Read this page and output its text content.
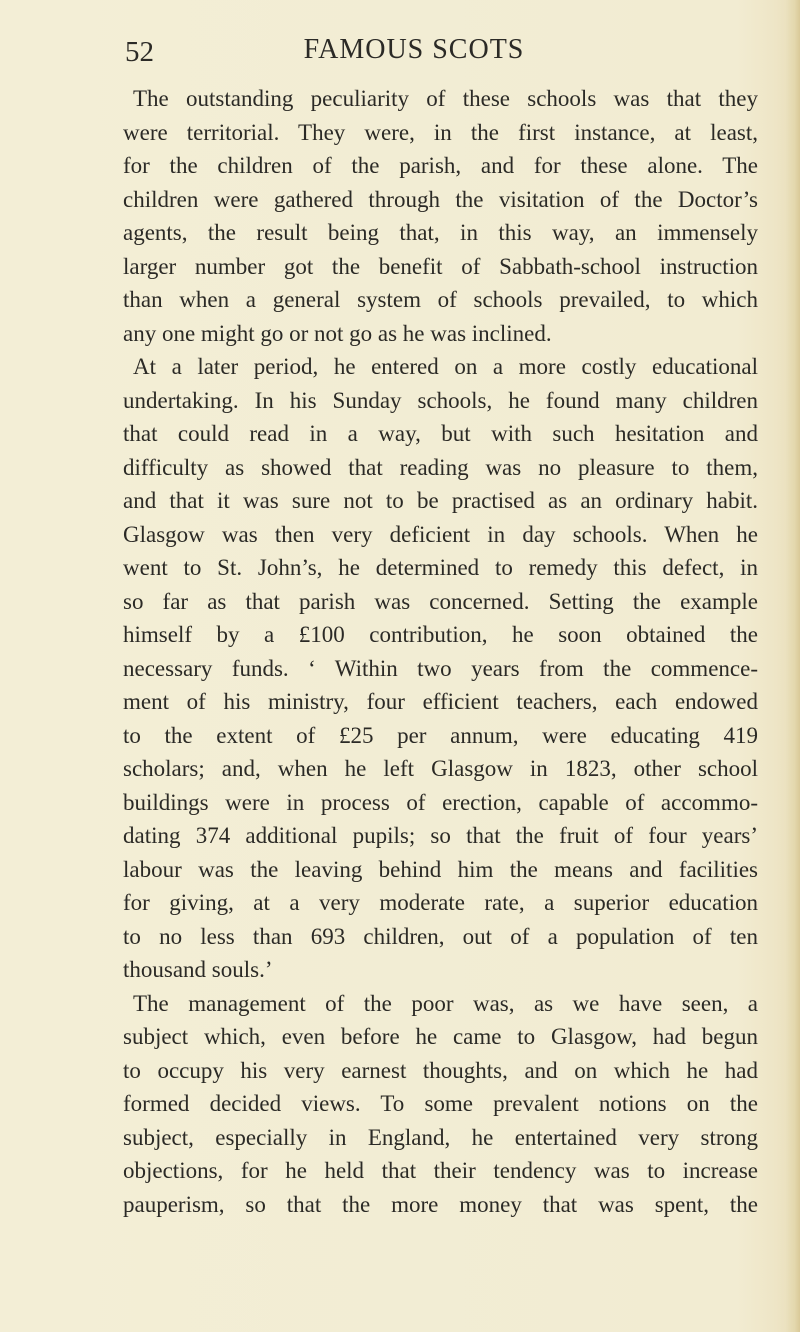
52	FAMOUS SCOTS
The outstanding peculiarity of these schools was that they
were territorial. They were, in the first instance, at least,
for the children of the parish, and for these alone. The
children were gathered through the visitation of the Doctor’s
agents, the result being that, in this way, an immensely
larger number got the benefit of Sabbath-school instruction
than when a general system of schools prevailed, to which
any one might go or not go as he was inclined.
At a later period, he entered on a more costly educational
undertaking. In his Sunday schools, he found many children
that could read in a way, but with such hesitation and
difficulty as showed that reading was no pleasure to them,
and that it was sure not to be practised as an ordinary habit.
Glasgow was then very deficient in day schools. When he
went to St. John’s, he determined to remedy this defect, in
so far as that parish was concerned. Setting the example
himself by a £100 contribution, he soon obtained the
necessary funds. ‘ Within two years from the commence-
ment of his ministry, four efficient teachers, each endowed
to the extent of £25 per annum, were educating 419
scholars; and, when he left Glasgow in 1823, other school
buildings were in process of erection, capable of accommo-
dating 374 additional pupils; so that the fruit of four years’
labour was the leaving behind him the means and facilities
for giving, at a very moderate rate, a superior education
to no less than 693 children, out of a population of ten
thousand souls.’
The management of the poor was, as we have seen, a
subject which, even before he came to Glasgow, had begun
to occupy his very earnest thoughts, and on which he had
formed decided views. To some prevalent notions on the
subject, especially in England, he entertained very strong
objections, for he held that their tendency was to increase
pauperism, so that the more money that was spent, the
